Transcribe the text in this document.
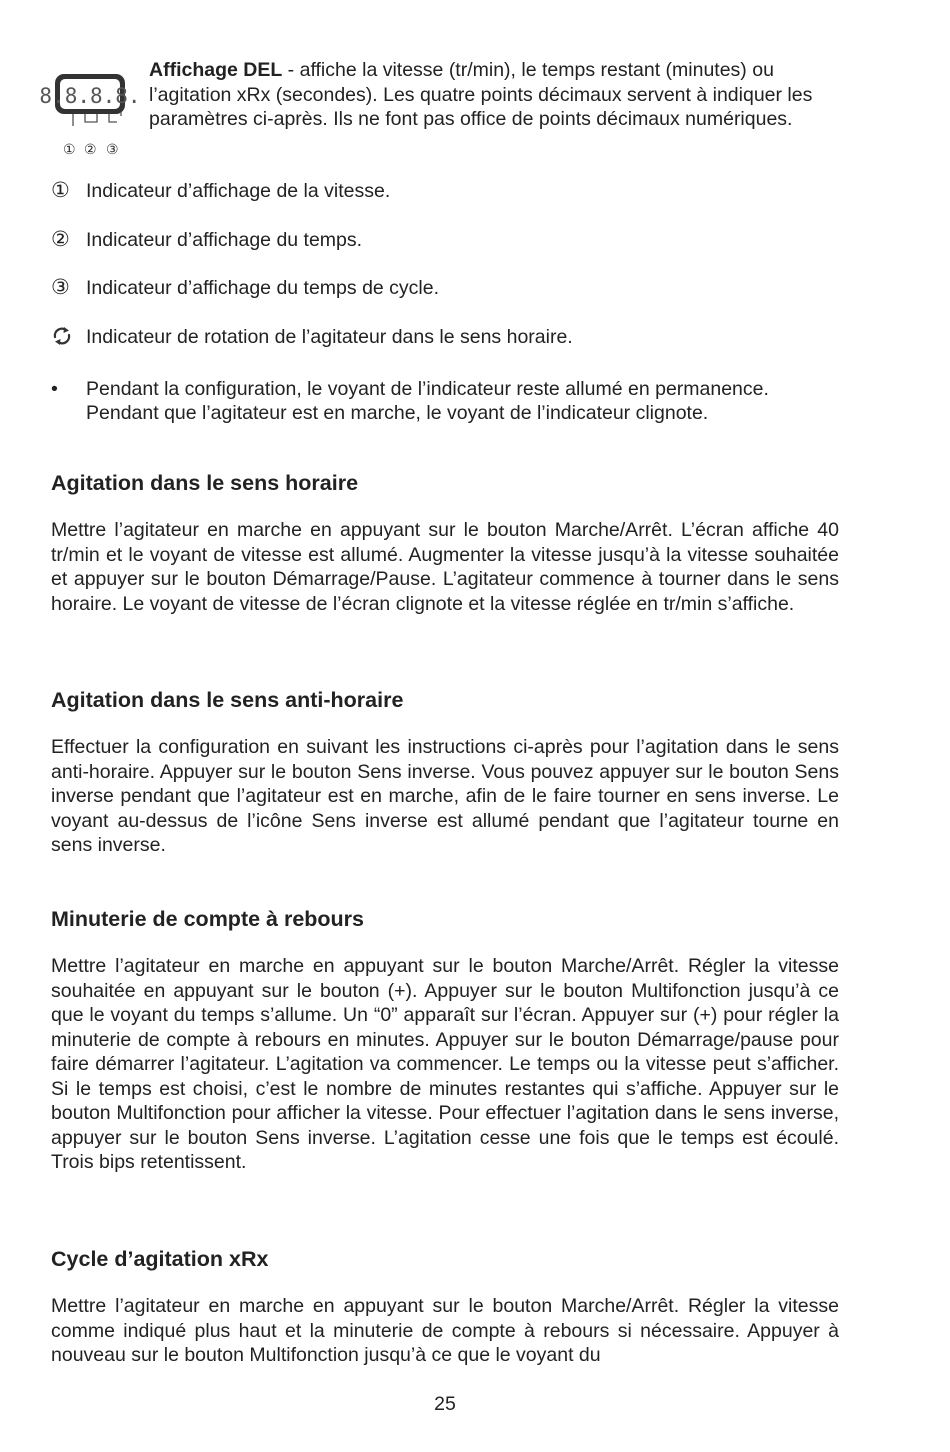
8.8.8.8.
① ② ③
Affichage DEL - affiche la vitesse (tr/min), le temps restant (minutes) ou l’agitation xRx (secondes). Les quatre points décimaux servent à indiquer les paramètres ci-après. Ils ne font pas office de points décimaux numériques.
① Indicateur d’affichage de la vitesse.
② Indicateur d’affichage du temps.
③ Indicateur d’affichage du temps de cycle.
Indicateur de rotation de l’agitateur dans le sens horaire.
•	Pendant la configuration, le voyant de l’indicateur reste allumé en permanence. Pendant que l’agitateur est en marche, le voyant de l’indicateur clignote.
Agitation dans le sens horaire

Mettre l’agitateur en marche en appuyant sur le bouton Marche/Arrêt. L’écran affiche 40 tr/min et le voyant de vitesse est allumé. Augmenter la vitesse jusqu’à la vitesse souhaitée et appuyer sur le bouton Démarrage/Pause. L’agitateur commence à tourner dans le sens horaire. Le voyant de vitesse de l’écran clignote et la vitesse réglée en tr/min s’affiche.

Agitation dans le sens anti-horaire

Effectuer la configuration en suivant les instructions ci-après pour l’agitation dans le sens anti-horaire. Appuyer sur le bouton Sens inverse. Vous pouvez appuyer sur le bouton Sens inverse pendant que l’agitateur est en marche, afin de le faire tourner en sens inverse. Le voyant au-dessus de l’icône Sens inverse est allumé pendant que l’agitateur tourne en sens inverse.

Minuterie de compte à rebours

Mettre l’agitateur en marche en appuyant sur le bouton Marche/Arrêt. Régler la vitesse souhaitée en appuyant sur le bouton (+). Appuyer sur le bouton Multifonction jusqu’à ce que le voyant du temps s’allume. Un “0” apparaît sur l’écran. Appuyer sur (+) pour régler la minuterie de compte à rebours en minutes. Appuyer sur le bouton Démarrage/pause pour faire démarrer l’agitateur. L’agitation va commencer. Le temps ou la vitesse peut s’afficher. Si le temps est choisi, c’est le nombre de minutes restantes qui s’affiche. Appuyer sur le bouton Multifonction pour afficher la vitesse. Pour effectuer l’agitation dans le sens inverse, appuyer sur le bouton Sens inverse. L’agitation cesse une fois que le temps est écoulé. Trois bips retentissent.

Cycle d’agitation xRx

Mettre l’agitateur en marche en appuyant sur le bouton Marche/Arrêt. Régler la vitesse comme indiqué plus haut et la minuterie de compte à rebours si nécessaire. Appuyer à nouveau sur le bouton Multifonction jusqu’à ce que le voyant du

25
